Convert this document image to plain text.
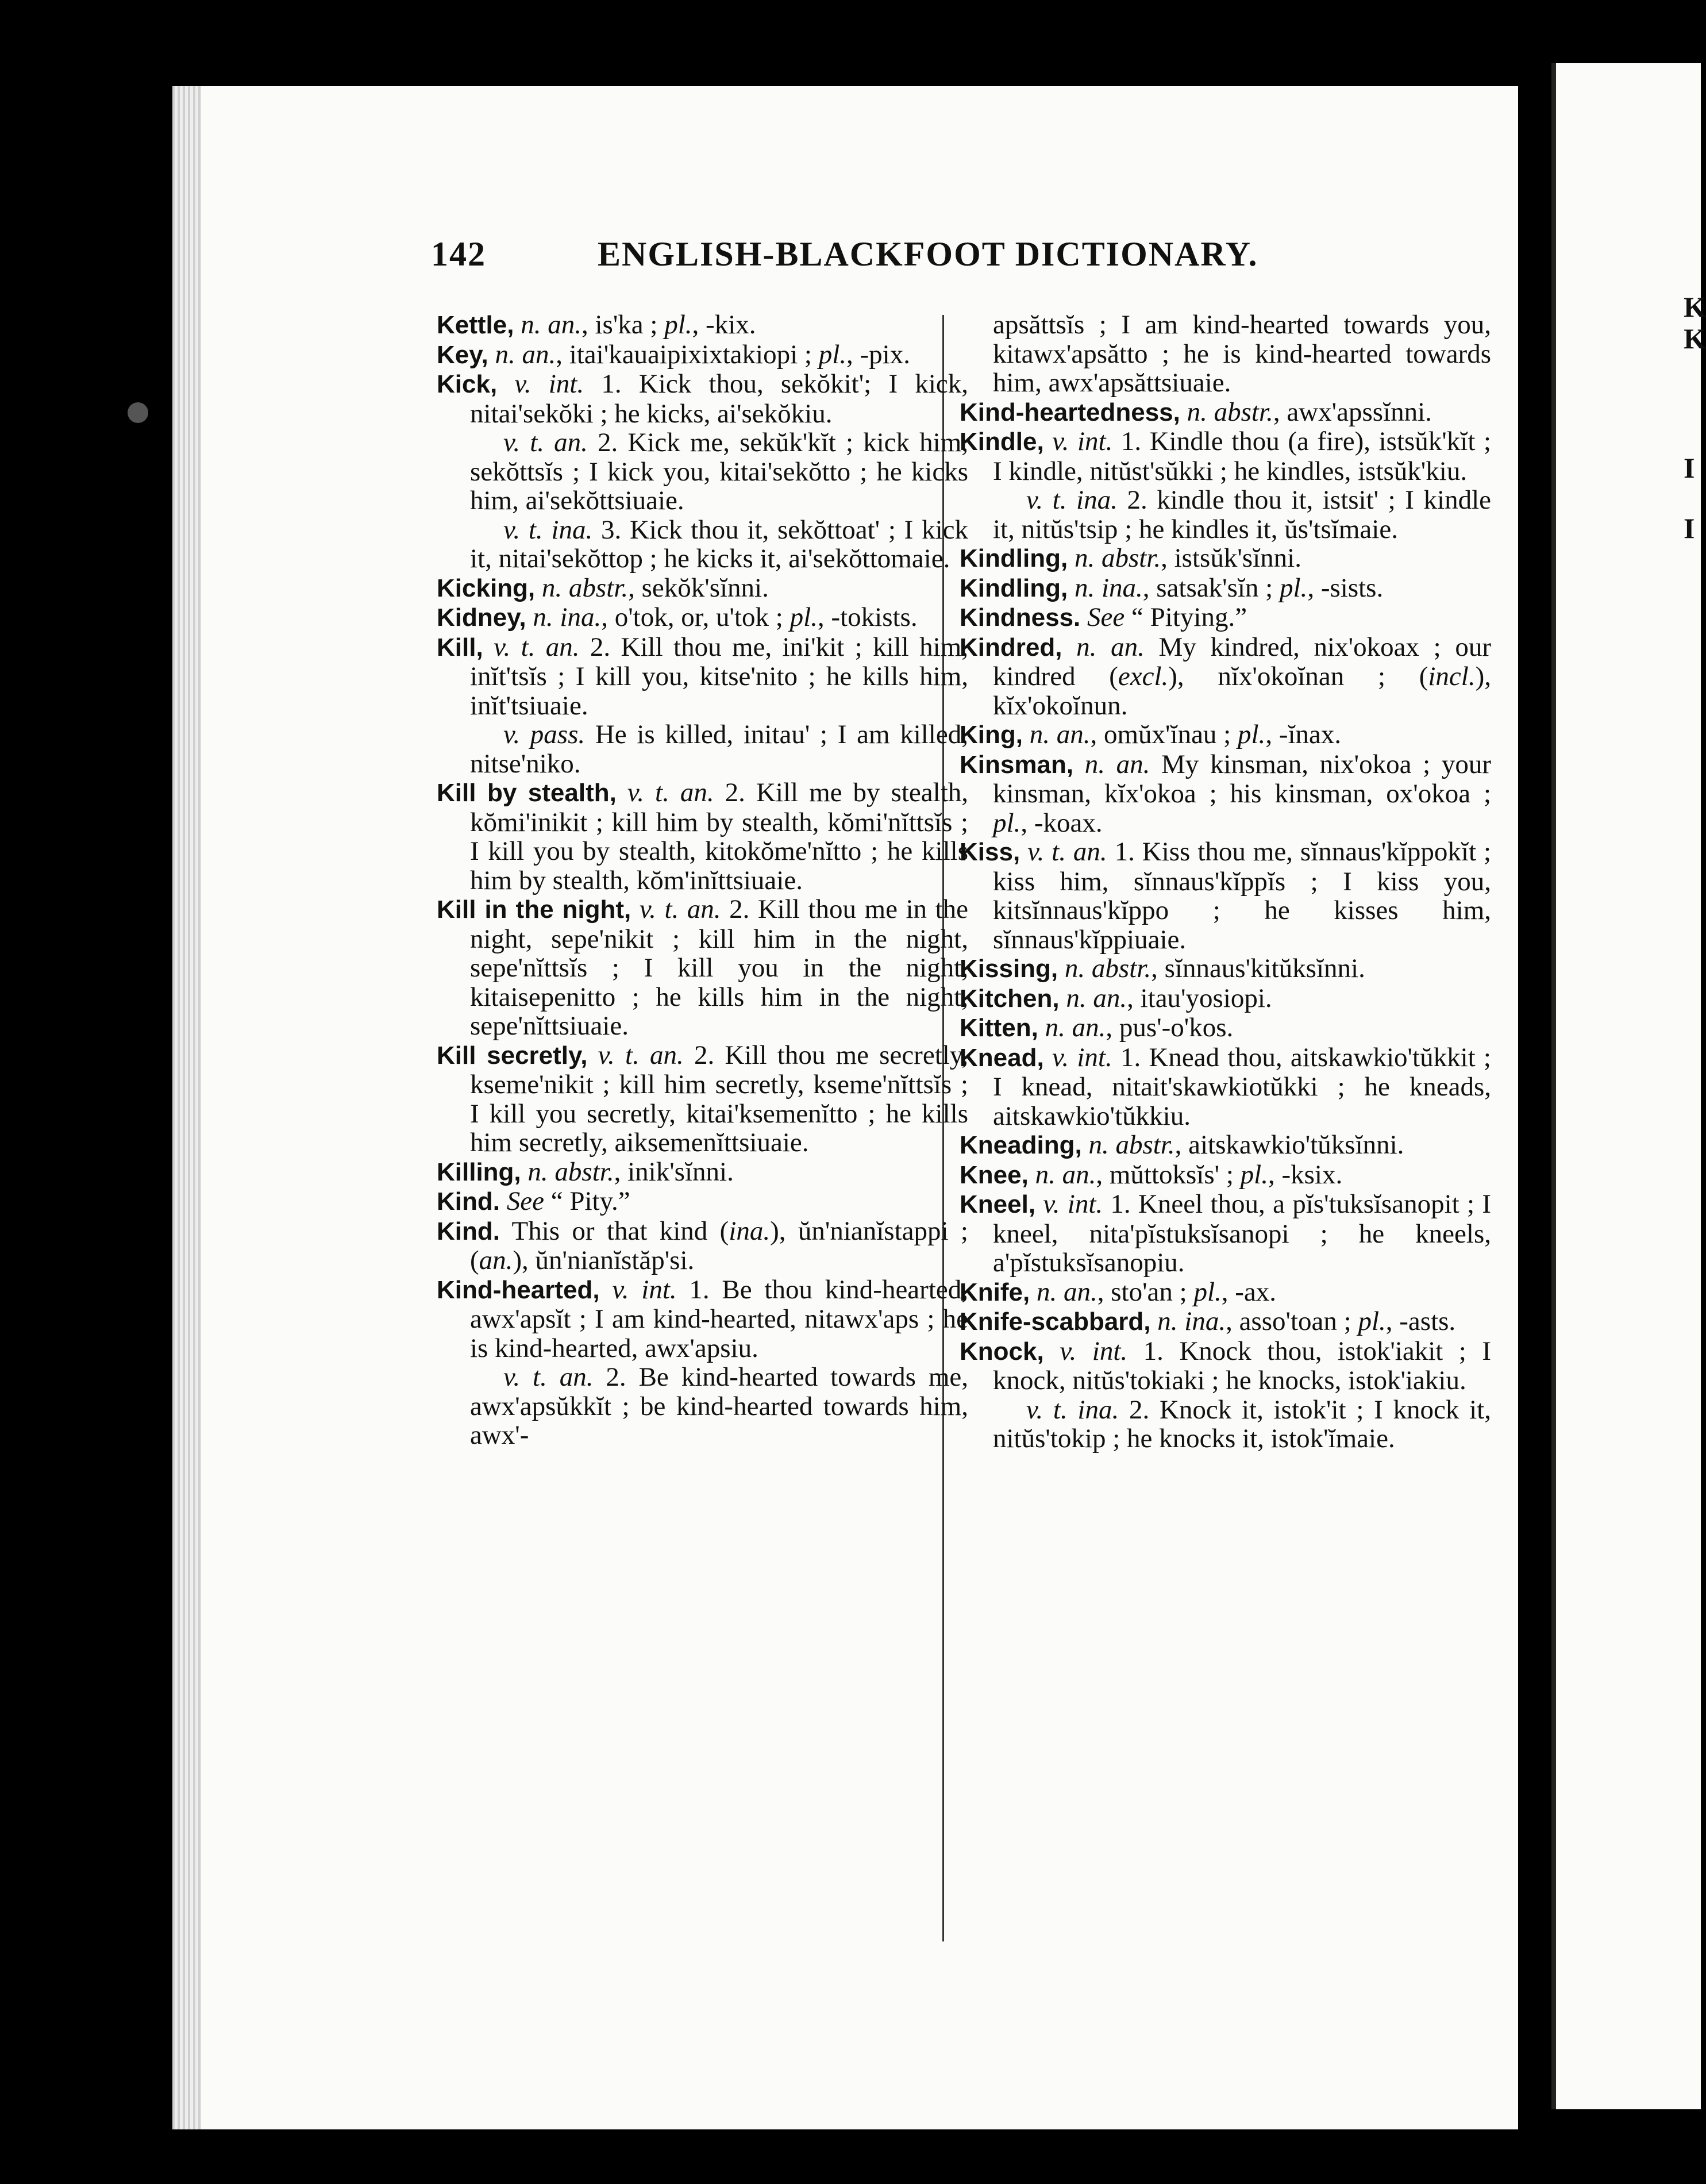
142	ENGLISH-BLACKFOOT DICTIONARY.

Kettle, n. an., is'ka ; pl., -kix.

Key, n. an., itai'kauaipixixtakiopi ; pl., -pix.

Kick, v. int. 1. Kick thou, sekŏkit'; I kick, nitai'sekŏki ; he kicks, ai'sekŏkiu.

v. t. an. 2. Kick me, sekŭk'kĭt ; kick him, sekŏttsĭs ; I kick you, kitai'sekŏtto ; he kicks him, ai'sekŏttsiuaie.

v. t. ina. 3. Kick thou it, sekŏttoat' ; I kick it, nitai'sekŏttop ; he kicks it, ai'sekŏttomaie.

Kicking, n. abstr., sekŏk'sĭnni.

Kidney, n. ina., o'tok, or, u'tok ; pl., -tokists.

Kill, v. t. an. 2. Kill thou me, ini'kit ; kill him, inĭt'tsĭs ; I kill you, kitse'nito ; he kills him, inĭt'tsiuaie.

v. pass. He is killed, initau' ; I am killed, nitse'niko.

Kill by stealth, v. t. an. 2. Kill me by stealth, kŏmi'inikit ; kill him by stealth, kŏmi'nĭttsĭs ; I kill you by stealth, kitokŏme'nĭtto ; he kills him by stealth, kŏm'inĭttsiuaie.

Kill in the night, v. t. an. 2. Kill thou me in the night, sepe'nikit ; kill him in the night, sepe'nĭttsĭs ; I kill you in the night, kitaisepenitto ; he kills him in the night, sepe'nĭttsiuaie.

Kill secretly, v. t. an. 2. Kill thou me secretly, kseme'nikit ; kill him secretly, kseme'nĭttsĭs ; I kill you secretly, kitai'ksemenĭtto ; he kills him secretly, aiksemenĭttsiuaie.

Killing, n. abstr., inik'sĭnni.

Kind. See “ Pity.”

Kind. This or that kind (ina.), ŭn'nianĭstappi ; (an.), ŭn'nianĭstăp'si.

Kind-hearted, v. int. 1. Be thou kind-hearted, awx'apsĭt ; I am kind-hearted, nitawx'aps ; he is kind-hearted, awx'apsiu.

v. t. an. 2. Be kind-hearted towards me, awx'apsŭkkĭt ; be kind-hearted towards him, awx'-

apsăttsĭs ; I am kind-hearted towards you, kitawx'apsătto ; he is kind-hearted towards him, awx'apsăttsiuaie.

Kind-heartedness, n. abstr., awx'apssĭnni.

Kindle, v. int. 1. Kindle thou (a fire), istsŭk'kĭt ; I kindle, nitŭst'sŭkki ; he kindles, istsŭk'kiu.

v. t. ina. 2. kindle thou it, istsit' ; I kindle it, nitŭs'tsip ; he kindles it, ŭs'tsĭmaie.

Kindling, n. abstr., istsŭk'sĭnni.

Kindling, n. ina., satsak'sĭn ; pl., -sists.

Kindness. See “ Pitying.”

Kindred, n. an. My kindred, nix'okoax ; our kindred (excl.), nĭx'okoĭnan ; (incl.), kĭx'okoĭnun.

King, n. an., omŭx'ĭnau ; pl., -ĭnax.

Kinsman, n. an. My kinsman, nix'okoa ; your kinsman, kĭx'okoa ; his kinsman, ox'okoa ; pl., -koax.

Kiss, v. t. an. 1. Kiss thou me, sĭnnaus'kĭppokĭt ; kiss him, sĭnnaus'kĭppĭs ; I kiss you, kitsĭnnaus'kĭppo ; he kisses him, sĭnnaus'kĭppiuaie.

Kissing, n. abstr., sĭnnaus'kitŭksĭnni.

Kitchen, n. an., itau'yosiopi.

Kitten, n. an., pus'-o'kos.

Knead, v. int. 1. Knead thou, aitskawkio'tŭkkit ; I knead, nitait'skawkiotŭkki ; he kneads, aitskawkio'tŭkkiu.

Kneading, n. abstr., aitskawkio'tŭksĭnni.

Knee, n. an., mŭttoksĭs' ; pl., -ksix.

Kneel, v. int. 1. Kneel thou, a pĭs'tuksĭsanopit ; I kneel, nita'pĭstuksĭsanopi ; he kneels, a'pĭstuksĭsanopiu.

Knife, n. an., sto'an ; pl., -ax.

Knife-scabbard, n. ina., asso'toan ; pl., -asts.

Knock, v. int. 1. Knock thou, istok'iakit ; I knock, nitŭs'tokiaki ; he knocks, istok'iakiu.

v. t. ina. 2. Knock it, istok'it ; I knock it, nitŭs'tokip ; he knocks it, istok'ĭmaie.

K
K
I
I
